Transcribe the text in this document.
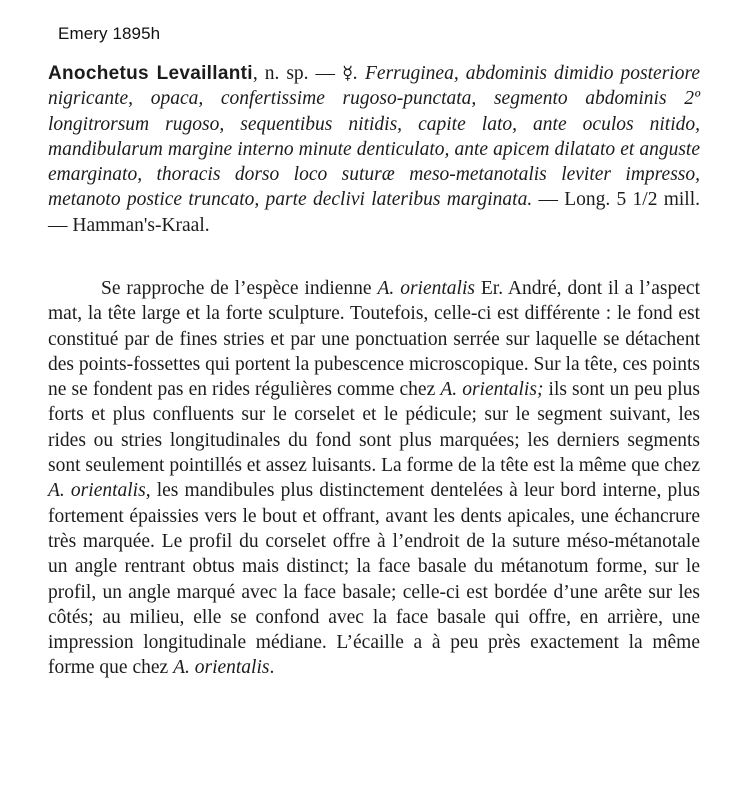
Emery 1895h
Anochetus Levaillanti, n. sp. — ☿. Ferruginea, abdominis dimidio posteriore nigricante, opaca, confertissime rugoso-punctata, segmento abdominis 2º longitrorsum rugoso, sequentibus nitidis, capite lato, ante oculos nitido, mandibularum margine interno minute denticulato, ante apicem dilatato et anguste emarginato, thoracis dorso loco suturæ meso-metanotalis leviter impresso, metanoto postice truncato, parte declivi lateribus marginata. — Long. 5 1/2 mill. — Hamman's-Kraal.
Se rapproche de l’espèce indienne A. orientalis Er. André, dont il a l’aspect mat, la tête large et la forte sculpture. Toutefois, celle-ci est différente : le fond est constitué par de fines stries et par une ponctuation serrée sur laquelle se détachent des points-fossettes qui portent la pubescence microscopique. Sur la tête, ces points ne se fondent pas en rides régulières comme chez A. orientalis; ils sont un peu plus forts et plus confluents sur le corselet et le pédicule; sur le segment suivant, les rides ou stries longitudinales du fond sont plus marquées; les derniers segments sont seulement pointillés et assez luisants. La forme de la tête est la même que chez A. orientalis, les mandibules plus distinctement dentelées à leur bord interne, plus fortement épaissies vers le bout et offrant, avant les dents apicales, une échancrure très marquée. Le profil du corselet offre à l’endroit de la suture méso-métanotale un angle rentrant obtus mais distinct; la face basale du métanotum forme, sur le profil, un angle marqué avec la face basale; celle-ci est bordée d’une arête sur les côtés; au milieu, elle se confond avec la face basale qui offre, en arrière, une impression longitudinale médiane. L’écaille a à peu près exactement la même forme que chez A. orientalis.
